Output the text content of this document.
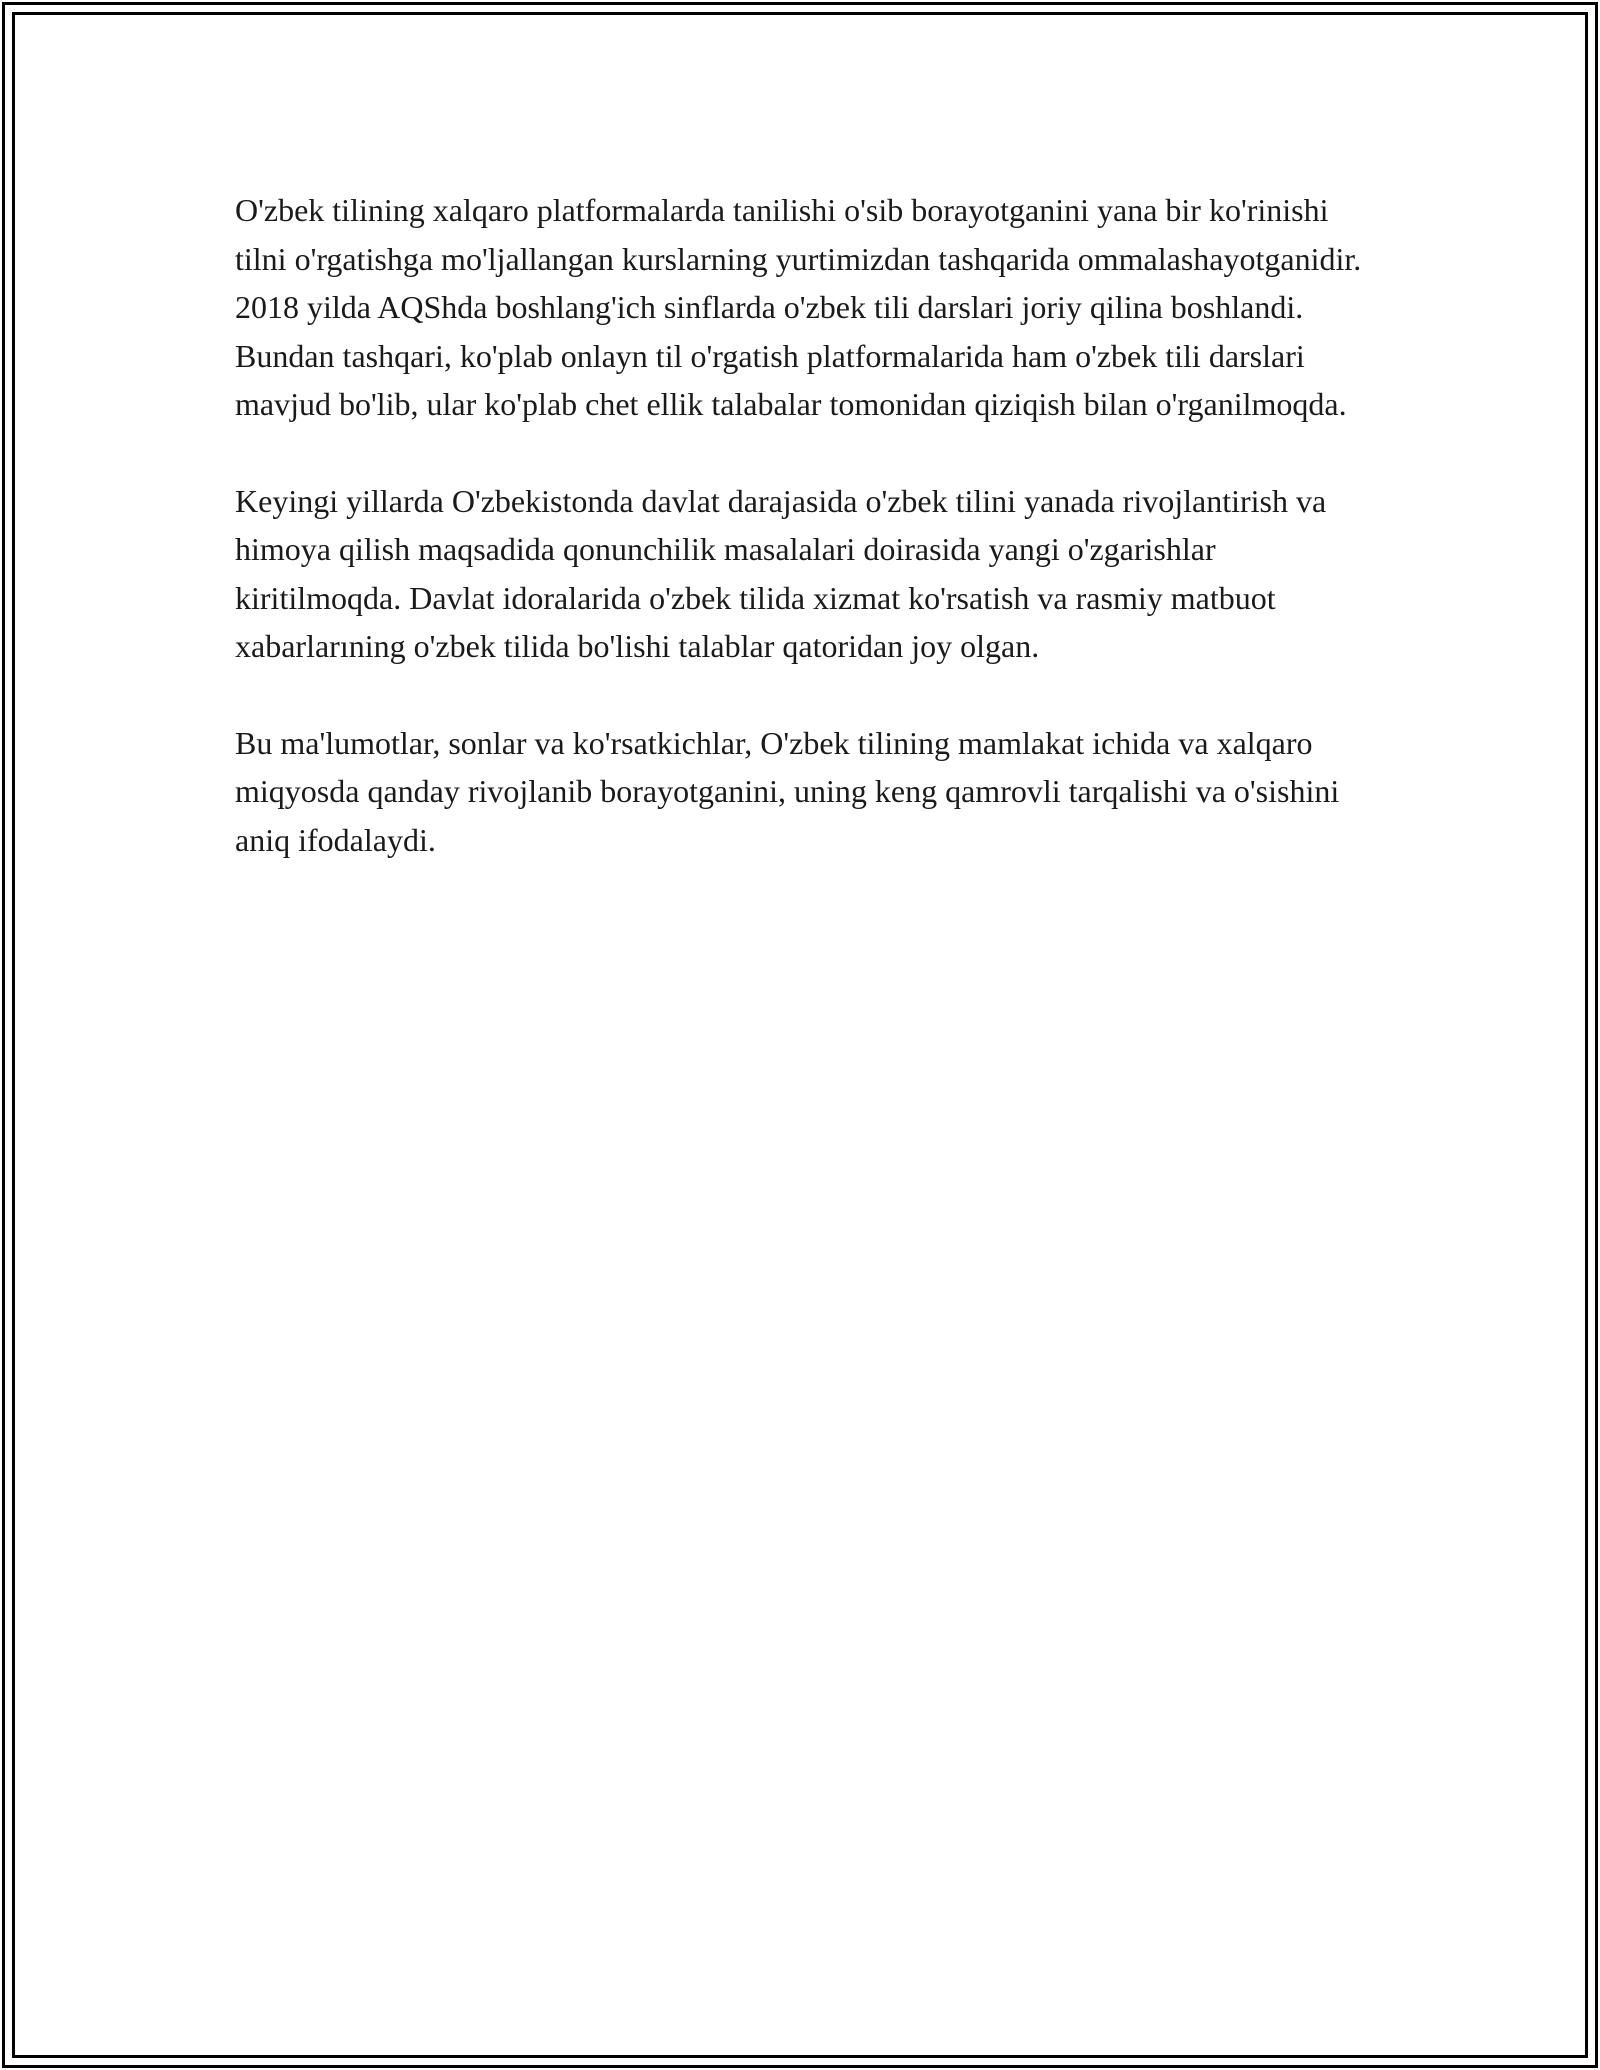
O'zbek tilining xalqaro platformalarda tanilishi o'sib borayotganini yana bir ko'rinishi tilni o'rgatishga mo'ljallangan kurslarning yurtimizdan tashqarida ommalashayotganidir. 2018 yilda AQShda boshlang'ich sinflarda o'zbek tili darslari joriy qilina boshlandi. Bundan tashqari, ko'plab onlayn til o'rgatish platformalarida ham o'zbek tili darslari mavjud bo'lib, ular ko'plab chet ellik talabalar tomonidan qiziqish bilan o'rganilmoqda.

Keyingi yillarda O'zbekistonda davlat darajasida o'zbek tilini yanada rivojlantirish va himoya qilish maqsadida qonunchilik masalalari doirasida yangi o'zgarishlar kiritilmoqda. Davlat idoralarida o'zbek tilida xizmat ko'rsatish va rasmiy matbuot xabarlarıning o'zbek tilida bo'lishi talablar qatoridan joy olgan.

Bu ma'lumotlar, sonlar va ko'rsatkichlar, O'zbek tilining mamlakat ichida va xalqaro miqyosda qanday rivojlanib borayotganini, uning keng qamrovli tarqalishi va o'sishini aniq ifodalaydi.
